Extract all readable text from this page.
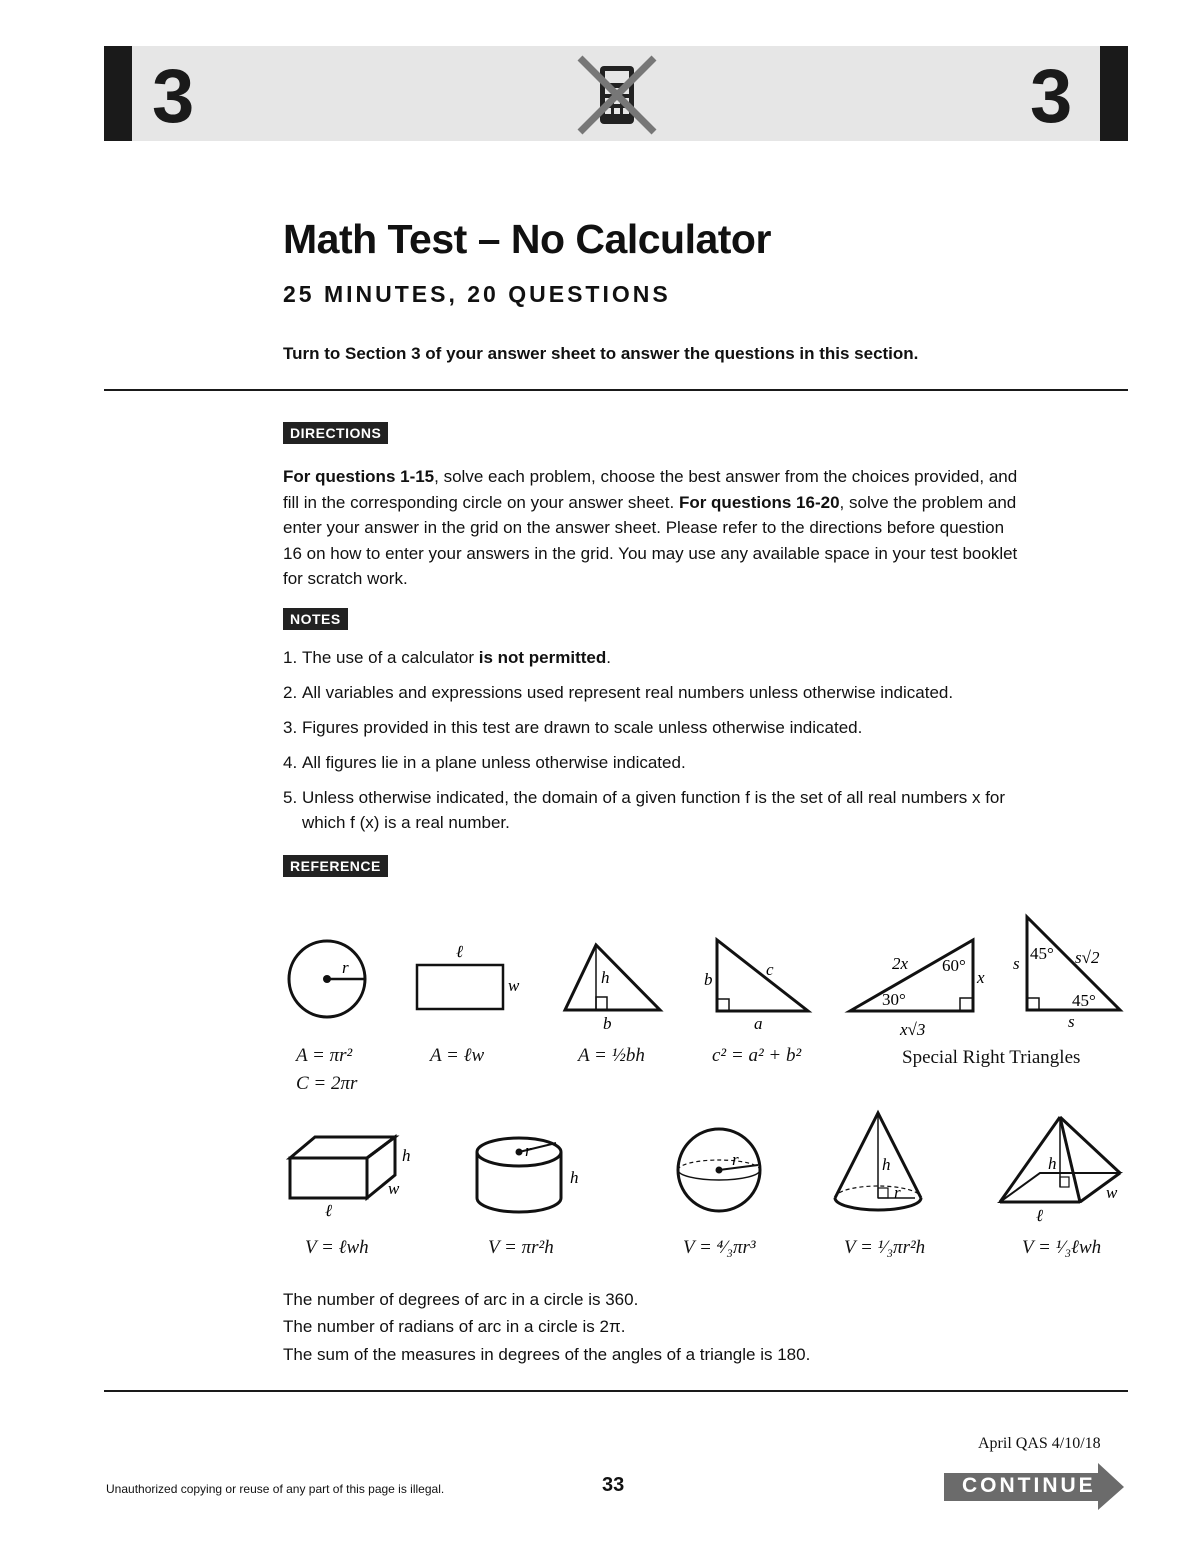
3	3
Math Test – No Calculator
25 MINUTES, 20 QUESTIONS
Turn to Section 3 of your answer sheet to answer the questions in this section.
DIRECTIONS
For questions 1-15, solve each problem, choose the best answer from the choices provided, and fill in the corresponding circle on your answer sheet. For questions 16-20, solve the problem and enter your answer in the grid on the answer sheet. Please refer to the directions before question 16 on how to enter your answers in the grid. You may use any available space in your test booklet for scratch work.
NOTES
1. The use of a calculator is not permitted.
2. All variables and expressions used represent real numbers unless otherwise indicated.
3. Figures provided in this test are drawn to scale unless otherwise indicated.
4. All figures lie in a plane unless otherwise indicated.
5. Unless otherwise indicated, the domain of a given function f is the set of all real numbers x for
which f (x) is a real number.
REFERENCE
r
ℓ
w	h
b
b
c
a
2x 60°
x
30°
x√3
s
45° s√2
45°
s
h
w
ℓ
r
h
r	h
r
h
w
ℓ
A = πr²
C = 2πr
A = ℓw	A = ½bh	c² = a² + b²	Special Right Triangles
V = ℓwh	V = πr²h	V = ⁴⁄₃πr³	V = ¹⁄₃πr²h	V = ¹⁄₃ℓwh
The number of degrees of arc in a circle is 360.
The number of radians of arc in a circle is 2π.
The sum of the measures in degrees of the angles of a triangle is 180.
April QAS 4/10/18
Unauthorized copying or reuse of any part of this page is illegal.	33	CONTINUE
